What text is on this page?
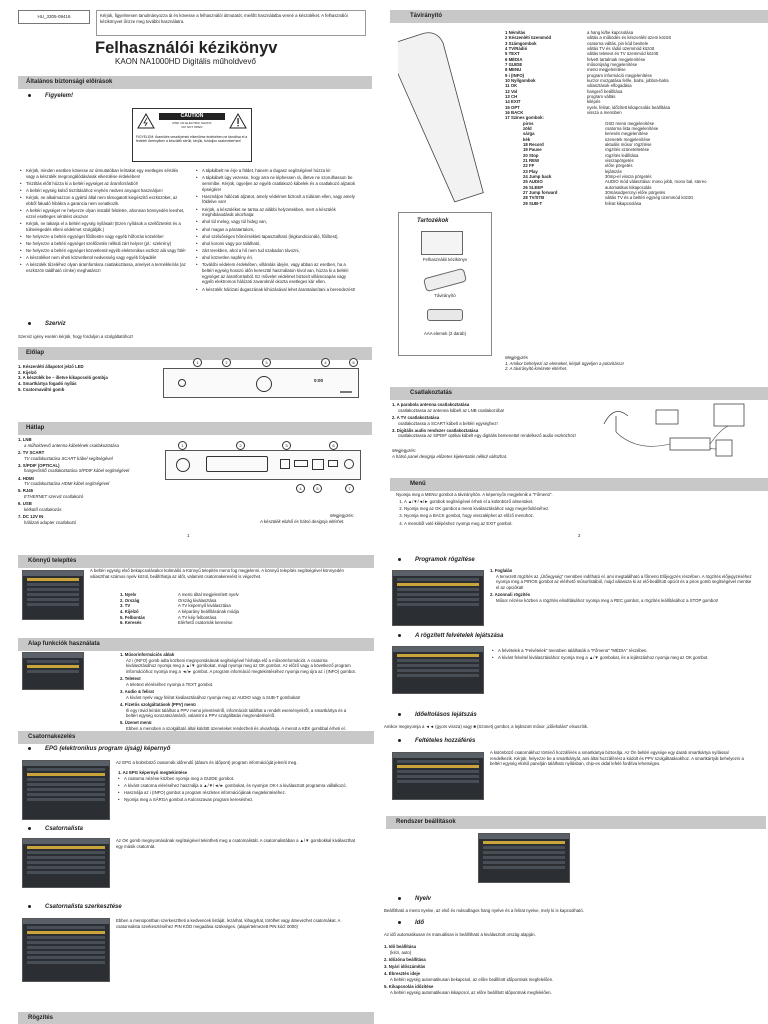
HU_3305-09416	Kérjük, figyelmesen tanulmányozza át és kövesse a felhasználói útmutatót, mielőtt használatba venné a készüléket. A felhasználói kézikönyvet őrizze meg további használatra.
Felhasználói kézikönyv
KAON NA1000HD Digitális műholdvevő
Általános biztonsági előírások
Figyelem!
CAUTION
RISK OF ELECTRIC SHOCK
DO NOT OPEN
FIGYELEM: Áramütés veszélyének elkerülése érdekében ne távolítsa el a fedelet! Ámenyiben a készülék sérült, kérjük, forduljon szakemberhez!
• Kérjük, minden esetben kövesse az útmutatóban leírtakat egy esetleges sérülés vagy a készülék megrongálódásának elkerülése érdekében!
• Tisztítás előtt húzza ki a beltéri egységet az áramforrásból!
• A beltéri egység külső tisztításához enyhén nedves anyagot használjon!
• Kérjük, ne alkalmazzon a gyártó által nem támogatott kiegészítő eszközöket, az ebből fakadó hibákra a garancia nem vonatkozik.
• A beltéri egységet ne helyezze olyan instabil felületre, ahonnan könnyedén leeshet, ezzel esetleges sérülést okozva!
• Kérjük, ne takarja el a beltéri egység nyílásait! (Ezen nyílások a szellőztetést és a túlmelegedés elleni védelmet szolgálják.)
• Ne helyezze a beltéri egységet fűtőtestre vagy egyéb hőforrás közelébe!
• Ne helyezze a beltéri egységet szellőzetés nélküli zárt helyre! (pl.: szekrény)
• Ne helyezze a beltéri egységet közvetlenül egyéb elektronikus eszköz alá vagy fölé!
• A készüléket nem éheti közvetlenül nedvesség vagy egyéb folyadék!
• A készülék tűzeléhez olyan áramforrásra csatlakoztassa, amelyet a termékleírás (az eszközön található címke) meghatároz!
• A tápkábelt ne érje a földet, hanem a dugasz segítségével húzza ki!
• A tápkábelt úgy vezesse, hogy arra ne léphessen rá, illetve ne szorulhasson be semmibe. Kérjük, ügyeljen az egyéb csatlakozó kábelek és a csatlakozó aljzatok épségére!
• Használjon hálózati aljzatot, amely védelmet biztosít a túláram ellen, vagy amely földelve van!
• Kérjük, a készüléket ne tartsa az alábbi helyzetekben, mert a készülék meghibásodását okozhatja:
• ahol túl meleg, vagy túl hideg van,
• ahol magas a páratartalom,
• ahol szélsőséges hőmérsékleti tapasztalható (légkondicionáló, fűtőtest),
• ahol koromi vagy por található,
• zárt terekben, ahol a hő nem tud szabadon távozni,
• ahol közvetlen napfény éri.
• Toválóbi védelem érdekében, villámlás idején, vagy abban az esetben, ha a beltéri egység hosszú időn keresztül használaton kívül van, húzza ki a beltéri egységet az áramforrásból. Ez művelet védelmet biztosít villámcsapás vagy egyéb elektromos hálózati zavaroknál okozta esetleges kár ellen.
• A készülék hálózati dugaszának kihúzásával lehet áramtalanítani a berendezést!
Szerviz
Szerviz igény esetén kérjük, hogy forduljon a szolgáltatóhoz!
Előlap
1. Készenléti állapotot jelző LED
2. Kijelző
3. A készülék be – illetve kikapcsoló gombja
4. Smartkártya fogadó nyílás
5. Csatornaváltó gomb
0:00
1	2	3	4	5
Hátlap
1. LNB
a műholdvevő antenna kábelének csatlakoztatása
2. TV SCART
TV csatlakoztatása SCART kábel segítségével
3. S/PDIF (OPTICAL)
hangerősítő csatlakoztatása S/PDIF kábel segítségével
4. HDMI
TV csatlakoztatása HDMI kábel segítségével
5. RJ45
ETHERNET szerviz csatlakozó
6. USB
kétkütő csatlakozás
7. DC 12V IN
hálózati adapter csatlakozó
1	2	3
4	5
6
7
Megjegyzés:
A készülék elülső és hátsó designja eltérhet.
1
Távirányító
1 Némítás	a hang ki/be kapcsolása
2 Készenléti üzemmód	váltás a működés és készenléti üzem között
3 Számgombok	csatorna váltás, pin kód bevitele
4 TV/Rádió	váltás TV és rádió üzemmód között
5 TEXT	váltás teletext és TV üzemmód között
6 MÉDIA	felvett tartalmak megjelenítése
7 GUIDE	műsorújság megjelenítése
8 MENU	menü megjelenítése
9 i (INFO)	program információ megjelenítése
10 Nyílgombok	kurzor mozgatása fel/le, balra, jobbra-balra
11 OK	választások elfogadása
12 Vol	hangerő beállítása
13 CH	program váltás
14 EXIT	kilépés
15 OPT	nyelv, felirat, időzített kikapcsolás beállítása
16 BACK	vissza a menüben
17 Színes gombok:
piros	OSD menü megjelenítése
zöld	csatorna lista megjelenítése
sárga	keresés megjelenítése
kék	üzenetek megjelenítése
18 Record	aktuális műsor rögzítése
19 Pause	rögzítés szüneteltetése
20 Stop	rögzítés leállítása
21 REW	visszapörgetés
22 FF	előre pörgetés
23 Play	lejátszás
24 Jump back	30mp-el vissza pörgetés
25 AUDIO	AUDIO mód választása: mono jobb, mono bal, stereo
26 SLEEP	automatikus kikapcsolás
27 Jump forward	30másodpercnyi előre pörgetés
28 TV/STB	váltás TV és a beltéri egység üzemmód között
29 SUB-T	felirat kikapcsolása
Tartozékok
Felhasználói kézikönyv
Távirányító
AAA elemek (2 darab)
Megjegyzés
1. Amikor behelyezi az elemeket, kérjük ügyeljen a polaritásra!
2. A távirányító kinézete eltérhet.
Csatlakoztatás
1. A parabola antenna csatlakoztatása
csatlakoztassa az antenna kábelt az LNB csatlakozóba!
2. A TV csatlakoztatása
csatlakoztassa a SCART kábelt a beltéri egységhez!
3. Digitális audio rendszer csatlakoztatása
csatlakoztassa az S/PDIF optikai kábelt egy digitális bemenettel rendelkező audio eszközhöz!
Megjegyzés:
A hátsó panel designja előzetes kijelentatás nélkül változhat.
Menü
Nyomja meg a MENU gombot a távirányítón. A képernyőn megjelenik a "Főmenü".
1. A ▲/▼/◄/► gombok segítségével érheti el a különböző almenüket.
2. Nyomja meg az OK gombot a menü kiválasztásához vagy megerősítéséhez.
3. Nyomja meg a BACK gombot, hogy visszaléphet az előző menühöz.
4. A menüből való kilépéshez nyomja meg az EXIT gombot.
2
Könnyű telepítés
A beltéri egység első bekapcsolásakor különálló a Könnyű telepítés menü fog megjelenni. A könnyű telepítés segítségével könnyedén választhat számos nyelv közül, beállíthatja az időt, valamint csatornakeresést is végezhet.
1. Nyelv	A menü által megjelenített nyelv
2. Ország	Ország kiválasztása
3. TV	A TV képernyő kiválasztása
4. Kijelző	A képarány beállításának módja
5. Felbontás	A TV kép felbontása
6. Keresés	Elérhető csatornák keresése
Alap funkciók használata
1. Műsorinformációs ablak
Az i (INFO) gomb adta közbeni megnyomásának segítségével hívhatja elő a műsorinformációt. A csatorna kiválasztásához nyomja meg a ▲/▼ gombokat, majd nyomja meg az OK gombot. Az előző vagy a következő program információhoz nyomja meg a ◄/► gombot. A program információ megtekintéséhez nyomja meg újra az i (INFO) gombot.
2. Teletext
A teletext eléréséhez nyomja a TEXT gombot.
3. Audio & felirat
A kívánt nyelv vagy felirat kiválasztásához nyomja meg az AUDIO vagy a SUB-T gombokat!
4. Fizetős szolgáltatások (PPV) menü
Ili egy rövid leírást találhat a PPV menü jelentéséről, információt találhat a rendelt eseményekről, a smartkártya és a beltéri egység sorozatszámáról, valamint a PPV szolgáltatás megrendeléséről.
5. Üzenet menü
Ebben a menüben a szolgáltató által küldött üzeneteket rendezheti és olvashatja. A menüt a KÉK gombbal érheti el.
Csatornakezelés
EPG (elektronikus program újság) képernyő
Az EPG a különböző csatornák időrendű (dátum és időpont) program információját jeleníti meg.
1. Az EPG képernyő megtekintése
• A csatorna nézése közben nyomja meg a GUIDE gombot.
• A kívánt csatorna eléréséhez használja a ▲/▼/◄/► gombokat, és nyomjon OK-t a kiválasztott programra vállalkozó.
• Használja az i (INFO) gombot a program részletes információjának megtekintéséhez.
• Nyomja meg a SÁRGA gombot a Kulcsszavas program kereséshez.
Csatornalista
Az OK gomb megnyomásának segítségével tekintheti meg a csatornalistát. A csatornalistában a ▲/▼ gombokkal kiválaszthat egy másik csatornát.
Csatornalista szerkesztése
Ebben a menüpontban szerkesztheti a kedvencek listáját, lezárhat, kihagyhat, törölhet vagy átnevezhet csatornákat. A csatornalista szerkesztéséhez PIN KÓD megadása szükséges. (alapértelmezett PIN kód: 0000)
Rögzítés
Programok rögzítése
1. Foglalás
A tervezett rögzítés az „Ütőegység" menüben indítható el, ami megtalálható a főmenü Előjegyzés részében. A rögzítés előjegyzéséhez nyomja meg a PIROS gombot az elérhető műsorlistából, majd válassza ki az elő-beállított opciót és a piros gomb segítségével mentse el az opciókat!
2. Azonnali rögzítés
Műsor nézése közben a rögzítés elindításához nyomja meg a REC gombot, a rögzítés leállításához a STOP gombot!
A rögzített felvételek lejátszása
• A felvételek a "Felvételek" menüben találhatók a "Főmenü" "MÉDIA" részében.
• A kívánt felvétel kiválasztásához nyomja meg a ▲/▼ gombokat, és a lejátszáshoz nyomja meg az OK gombot.
Időeltolásos lejátszás
Amikor megnyomja a ◄◄ (gyors vissza) vagy ■ (Szünet) gombot, a lejátszott műsor „időeltolási" elsuszítik.
Feltételes hozzáférés
A különböző csatornákhoz történő hozzáférés a smartkártya biztosítja. Az Ön beltéri egysége egy darab smartkártya nyílással rendelkezik. Kérjük, helyezze be a smartkártyát, ami által hozzáférést a kódolt és PPV szolgáltatásokhoz. A smartkártyát behelyezni a beltéri egység elülső panelján található nyílásban, chip-es oldal lefelé fordítva lehetséges.
Rendszer beállítások
Nyelv
Beállítható a menü nyelve, az első és másodlagos hang nyelve és a felirat nyelve, mely ki is kapcsolható.
Idő
Az idő automatikusan és manuálisan is beállítható a kiválasztott ország alapján.
1. Idő beállítása
(kézi, auto)
2. Időzóna beállítása
3. Nyári időszámítás
4. Ébresztés ideje
A beltéri egység automatikusan bekapcsol, az előre beállított időpontnak megfelelően.
5. Kikapcsolás időzítése
A beltéri egység automatikusan kikapcsol, az előre beállított időpontnak megfelelően.
